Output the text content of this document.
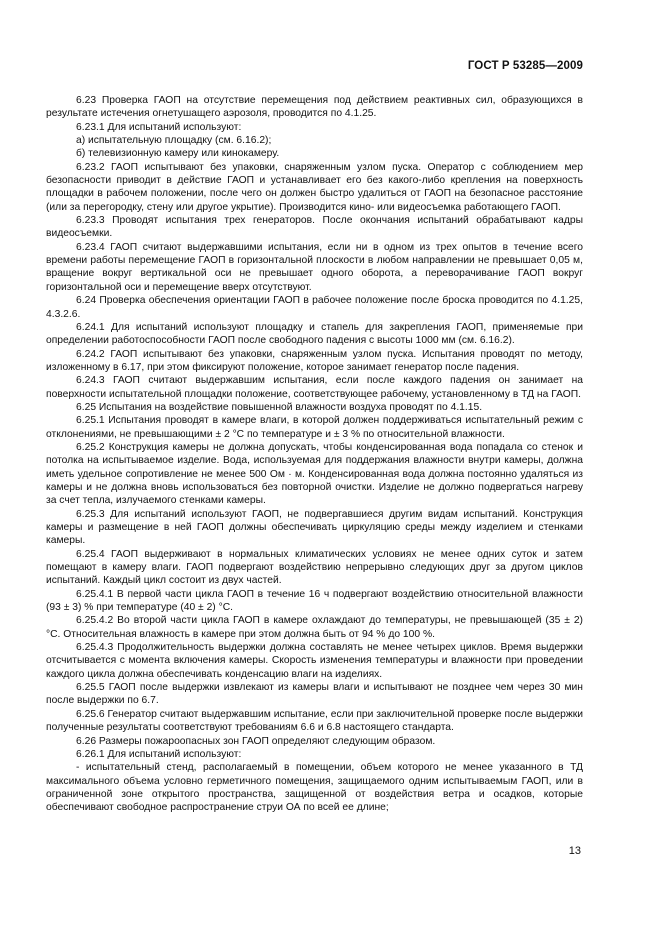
ГОСТ Р 53285—2009

6.23 Проверка ГАОП на отсутствие перемещения под действием реактивных сил, образующихся в результате истечения огнетушащего аэрозоля, проводится по 4.1.25.

6.23.1 Для испытаний используют:

а) испытательную площадку (см. 6.16.2);

б) телевизионную камеру или кинокамеру.

6.23.2 ГАОП испытывают без упаковки, снаряженным узлом пуска. Оператор с соблюдением мер безопасности приводит в действие ГАОП и устанавливает его без какого-либо крепления на поверхность площадки в рабочем положении, после чего он должен быстро удалиться от ГАОП на безопасное расстояние (или за перегородку, стену или другое укрытие). Производится кино- или видеосъемка работающего ГАОП.

6.23.3 Проводят испытания трех генераторов. После окончания испытаний обрабатывают кадры видеосъемки.

6.23.4 ГАОП считают выдержавшими испытания, если ни в одном из трех опытов в течение всего времени работы перемещение ГАОП в горизонтальной плоскости в любом направлении не превышает 0,05 м, вращение вокруг вертикальной оси не превышает одного оборота, а переворачивание ГАОП вокруг горизонтальной оси и перемещение вверх отсутствуют.

6.24 Проверка обеспечения ориентации ГАОП в рабочее положение после броска проводится по 4.1.25, 4.3.2.6.

6.24.1 Для испытаний используют площадку и стапель для закрепления ГАОП, применяемые при определении работоспособности ГАОП после свободного падения с высоты 1000 мм (см. 6.16.2).

6.24.2 ГАОП испытывают без упаковки, снаряженным узлом пуска. Испытания проводят по методу, изложенному в 6.17, при этом фиксируют положение, которое занимает генератор после падения.

6.24.3 ГАОП считают выдержавшим испытания, если после каждого падения он занимает на поверхности испытательной площадки положение, соответствующее рабочему, установленному в ТД на ГАОП.

6.25 Испытания на воздействие повышенной влажности воздуха проводят по 4.1.15.

6.25.1 Испытания проводят в камере влаги, в которой должен поддерживаться испытательный режим с отклонениями, не превышающими ± 2 °С по температуре и ± 3 % по относительной влажности.

6.25.2 Конструкция камеры не должна допускать, чтобы конденсированная вода попадала со стенок и потолка на испытываемое изделие. Вода, используемая для поддержания влажности внутри камеры, должна иметь удельное сопротивление не менее 500 Ом · м. Конденсированная вода должна постоянно удаляться из камеры и не должна вновь использоваться без повторной очистки. Изделие не должно подвергаться нагреву за счет тепла, излучаемого стенками камеры.

6.25.3 Для испытаний используют ГАОП, не подвергавшиеся другим видам испытаний. Конструкция камеры и размещение в ней ГАОП должны обеспечивать циркуляцию среды между изделием и стенками камеры.

6.25.4 ГАОП выдерживают в нормальных климатических условиях не менее одних суток и затем помещают в камеру влаги. ГАОП подвергают воздействию непрерывно следующих друг за другом циклов испытаний. Каждый цикл состоит из двух частей.

6.25.4.1 В первой части цикла ГАОП в течение 16 ч подвергают воздействию относительной влажности (93 ± 3) % при температуре (40 ± 2) °С.

6.25.4.2 Во второй части цикла ГАОП в камере охлаждают до температуры, не превышающей (35 ± 2) °С. Относительная влажность в камере при этом должна быть от 94 % до 100 %.

6.25.4.3 Продолжительность выдержки должна составлять не менее четырех циклов. Время выдержки отсчитывается с момента включения камеры. Скорость изменения температуры и влажности при проведении каждого цикла должна обеспечивать конденсацию влаги на изделиях.

6.25.5 ГАОП после выдержки извлекают из камеры влаги и испытывают не позднее чем через 30 мин после выдержки по 6.7.

6.25.6 Генератор считают выдержавшим испытание, если при заключительной проверке после выдержки полученные результаты соответствуют требованиям 6.6 и 6.8 настоящего стандарта.

6.26 Размеры пожароопасных зон ГАОП определяют следующим образом.

6.26.1 Для испытаний используют:

- испытательный стенд, располагаемый в помещении, объем которого не менее указанного в ТД максимального объема условно герметичного помещения, защищаемого одним испытываемым ГАОП, или в ограниченной зоне открытого пространства, защищенной от воздействия ветра и осадков, которые обеспечивают свободное распространение струи ОА по всей ее длине;

13
